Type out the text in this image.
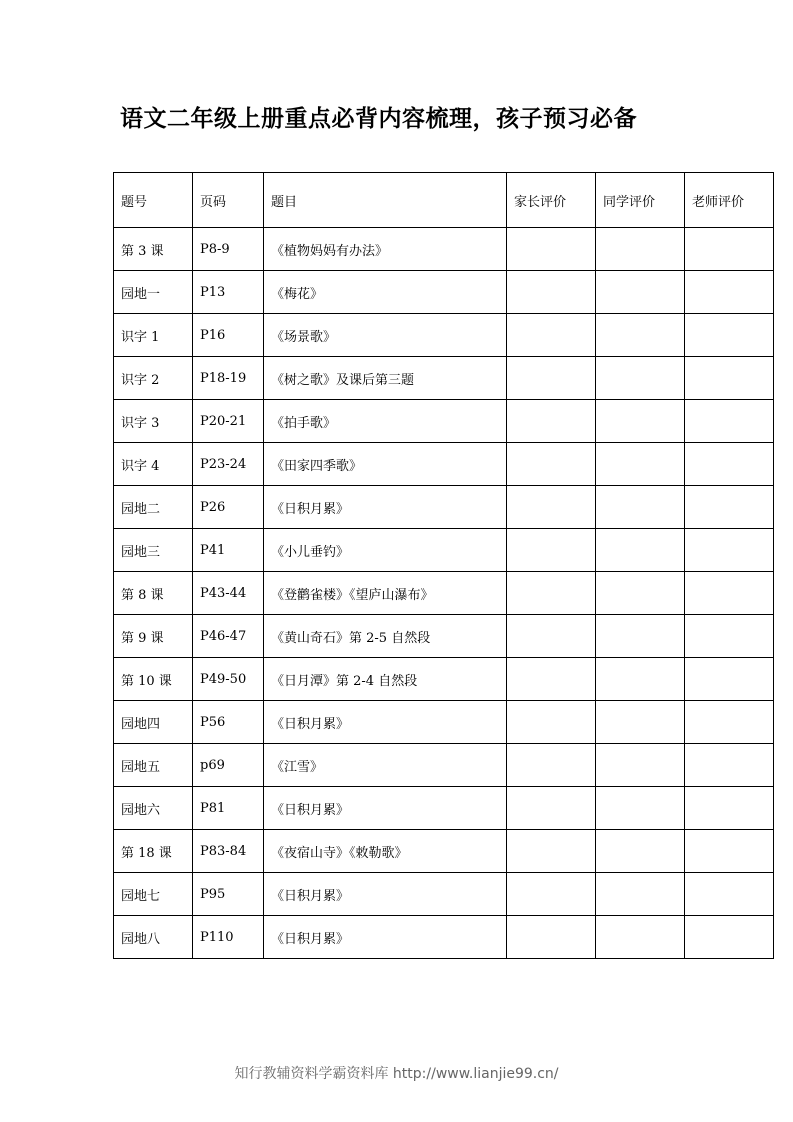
语文二年级上册重点必背内容梳理，孩子预习必备
题号	页码	题目	家长评价	同学评价	老师评价
第 3 课	P8-9	《植物妈妈有办法》			
园地一	P13	《梅花》			
识字 1	P16	《场景歌》			
识字 2	P18-19	《树之歌》及课后第三题			
识字 3	P20-21	《拍手歌》			
识字 4	P23-24	《田家四季歌》			
园地二	P26	《日积月累》			
园地三	P41	《小儿垂钓》			
第 8 课	P43-44	《登鹳雀楼》《望庐山瀑布》			
第 9 课	P46-47	《黄山奇石》第 2-5 自然段			
第 10 课	P49-50	《日月潭》第 2-4 自然段			
园地四	P56	《日积月累》			
园地五	p69	《江雪》			
园地六	P81	《日积月累》			
第 18 课	P83-84	《夜宿山寺》《敕勒歌》			
园地七	P95	《日积月累》			
园地八	P110	《日积月累》			
知行教辅资料学霸资料库 http://www.lianjie99.cn/
